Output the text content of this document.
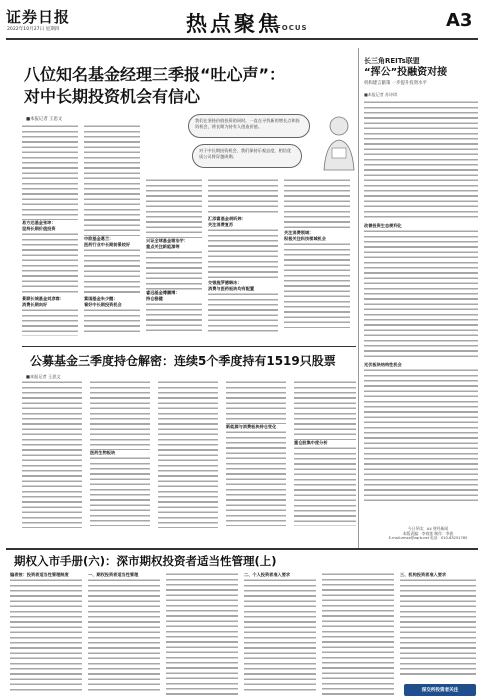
证券日报
2022年10月27日 星期四	热点聚焦
FOCUS	A3
八位知名基金经理三季报“吐心声”：
对中长期投资机会有信心
■本报记者 王思文	我们在坚持价值投资的同时，一直在寻找新的增长点和投资机会，将长期为持有人创造价值。
对于中长期投资机会，我们保持乐观态度，相信优质公司将穿越周期。
易方达基金张坤：
坚持长期价值投资
景顺长城基金刘彦春：
消费长期向好
中欧基金葛兰：
医药行业中长期前景较好
富国基金朱少醒：
看好中长期投资机会
兴证全球基金谢治宇：
重点关注新能源等
睿远基金傅鹏博：
持仓稳健
汇添富基金胡昕炜：
关注消费复苏
交银施罗德韩冰：
消费与医药板块均有配置
关注消费领域：
积极关注科技领域机会
长三角REITs联盟
“挥公”投融资对接
机构建言献策 一步提升投资水平
■本报记者 苏诗琪
改善投资生态便利化
光伏板块结构性机会
今日导读：A4 财经新闻
本版责编：李春莲 制作：李波
E-mail:zmzx@zqrb.net 电话：010-83251785
公募基金三季度持仓解密：连续5个季度持有1519只股票
■本报记者 王思文
医药生物板块
新能源与消费板块持仓变化
重仓股集中度分析
期权入市手册(六)：深市期权投资者适当性管理(上)
编者按：投资者适当性管理制度	一、期权投资者适当性管理	二、个人投资者准入要求	三、机构投资者准入要求
深交所投资者关注
